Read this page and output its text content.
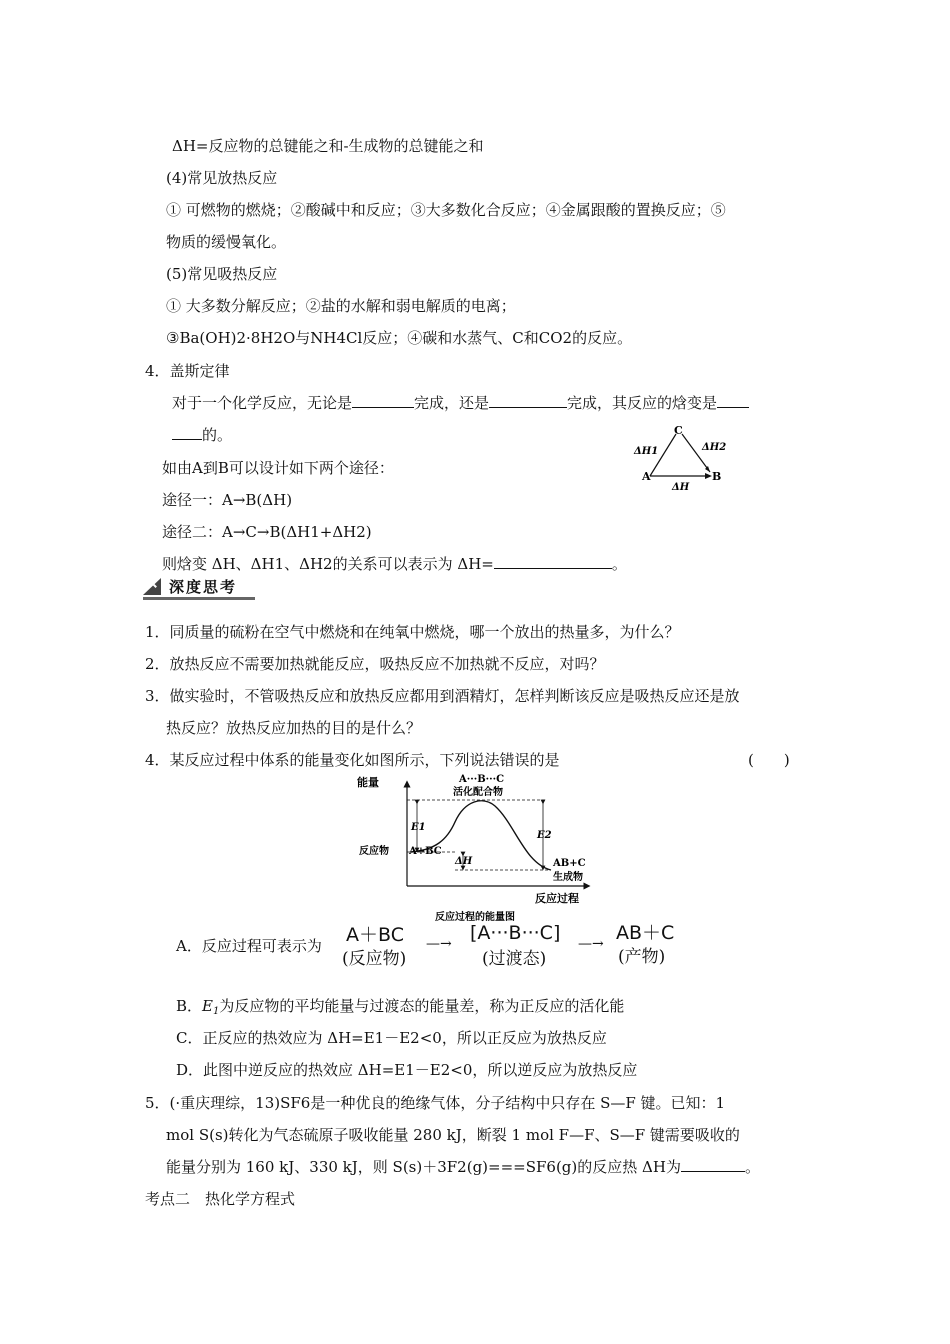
ΔH=反应物的总键能之和-生成物的总键能之和
(4)常见放热反应
① 可燃物的燃烧；②酸碱中和反应；③大多数化合反应；④金属跟酸的置换反应；⑤
物质的缓慢氧化。
(5)常见吸热反应
① 大多数分解反应；②盐的水解和弱电解质的电离；
③Ba(OH)2·8H2O与NH4Cl反应；④碳和水蒸气、C和CO2的反应。
4．盖斯定律
对于一个化学反应，无论是	完成，还是	完成，其反应的焓变是
的。
如由A到B可以设计如下两个途径：
途径一：A→B(ΔH)
途径二：A→C→B(ΔH1+ΔH2)
则焓变 ΔH、ΔH1、ΔH2的关系可以表示为 ΔH=	。
C
A	B
ΔH1	ΔH2
ΔH
深度思考
1．同质量的硫粉在空气中燃烧和在纯氧中燃烧，哪一个放出的热量多，为什么？
2．放热反应不需要加热就能反应，吸热反应不加热就不反应，对吗？
3．做实验时，不管吸热反应和放热反应都用到酒精灯，怎样判断该反应是吸热反应还是放
热反应？放热反应加热的目的是什么？
4．某反应过程中体系的能量变化如图所示，下列说法错误的是	(　　)
能量
反应过程
A···B···C
活化配合物
E1
E2
ΔH
反应物 A+BC
AB+C
生成物
反应过程的能量图
A．反应过程可表示为 A＋BC
(反应物)
—→ [A···B···C]
(过渡态)
—→ AB＋C
(产物)
B．$E_1$为反应物的平均能量与过渡态的能量差，称为正反应的活化能
C．正反应的热效应为 ΔH=E1－E2<0，所以正反应为放热反应
D．此图中逆反应的热效应 ΔH=E1－E2<0，所以逆反应为放热反应
5．(·重庆理综，13)SF6是一种优良的绝缘气体，分子结构中只存在 S—F 键。已知：1
mol S(s)转化为气态硫原子吸收能量 280 kJ，断裂 1 mol F—F、S—F 键需要吸收的
能量分别为 160 kJ、330 kJ，则 S(s)＋3F2(g)===SF6(g)的反应热 ΔH为	。
考点二　热化学方程式
